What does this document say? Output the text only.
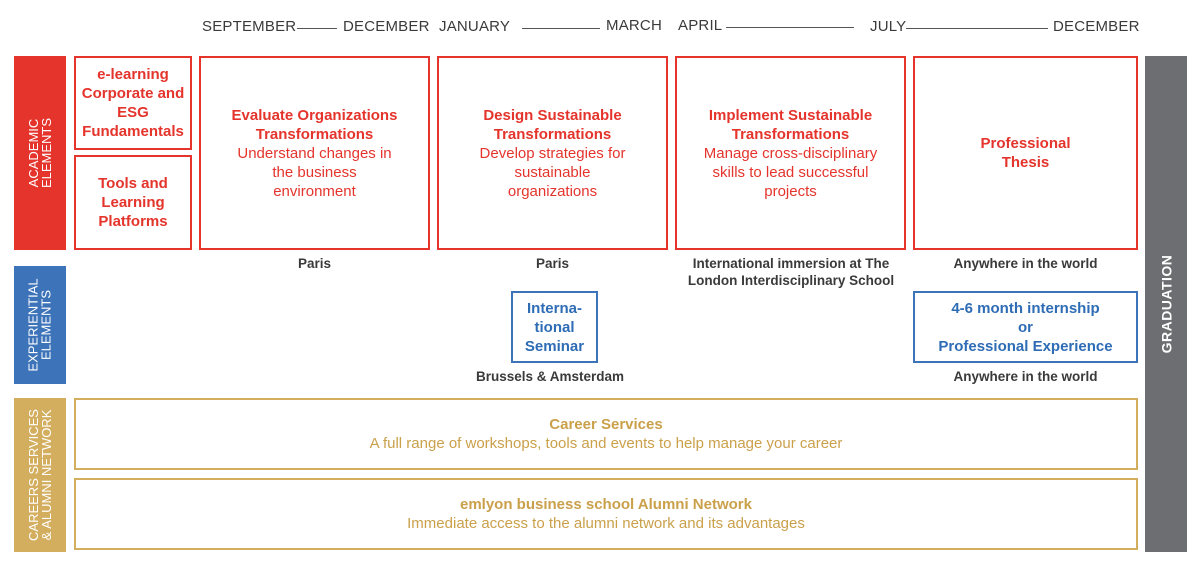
SEPTEMBER	DECEMBER JANUARY	MARCH APRIL	JULY	DECEMBER
ACADEMIC
ELEMENTS
EXPERIENTIAL
ELEMENTS
CAREERS SERVICES
& ALUMNI NETWORK
GRADUATION
e-learning Corporate and ESG Fundamentals
Tools and Learning Platforms
Evaluate Organizations Transformations
Understand changes in the business environment
Design Sustainable Transformations
Develop strategies for sustainable organizations
Implement Sustainable Transformations
Manage cross-disciplinary skills to lead successful projects
Professional Thesis
Paris	Paris	International immersion at The London Interdisciplinary School
Anywhere in the world
Interna-tional Seminar
Brussels & Amsterdam
4-6 month internship
or
Professional Experience
Anywhere in the world
Career Services
A full range of workshops, tools and events to help manage your career
emlyon business school Alumni Network
Immediate access to the alumni network and its advantages
